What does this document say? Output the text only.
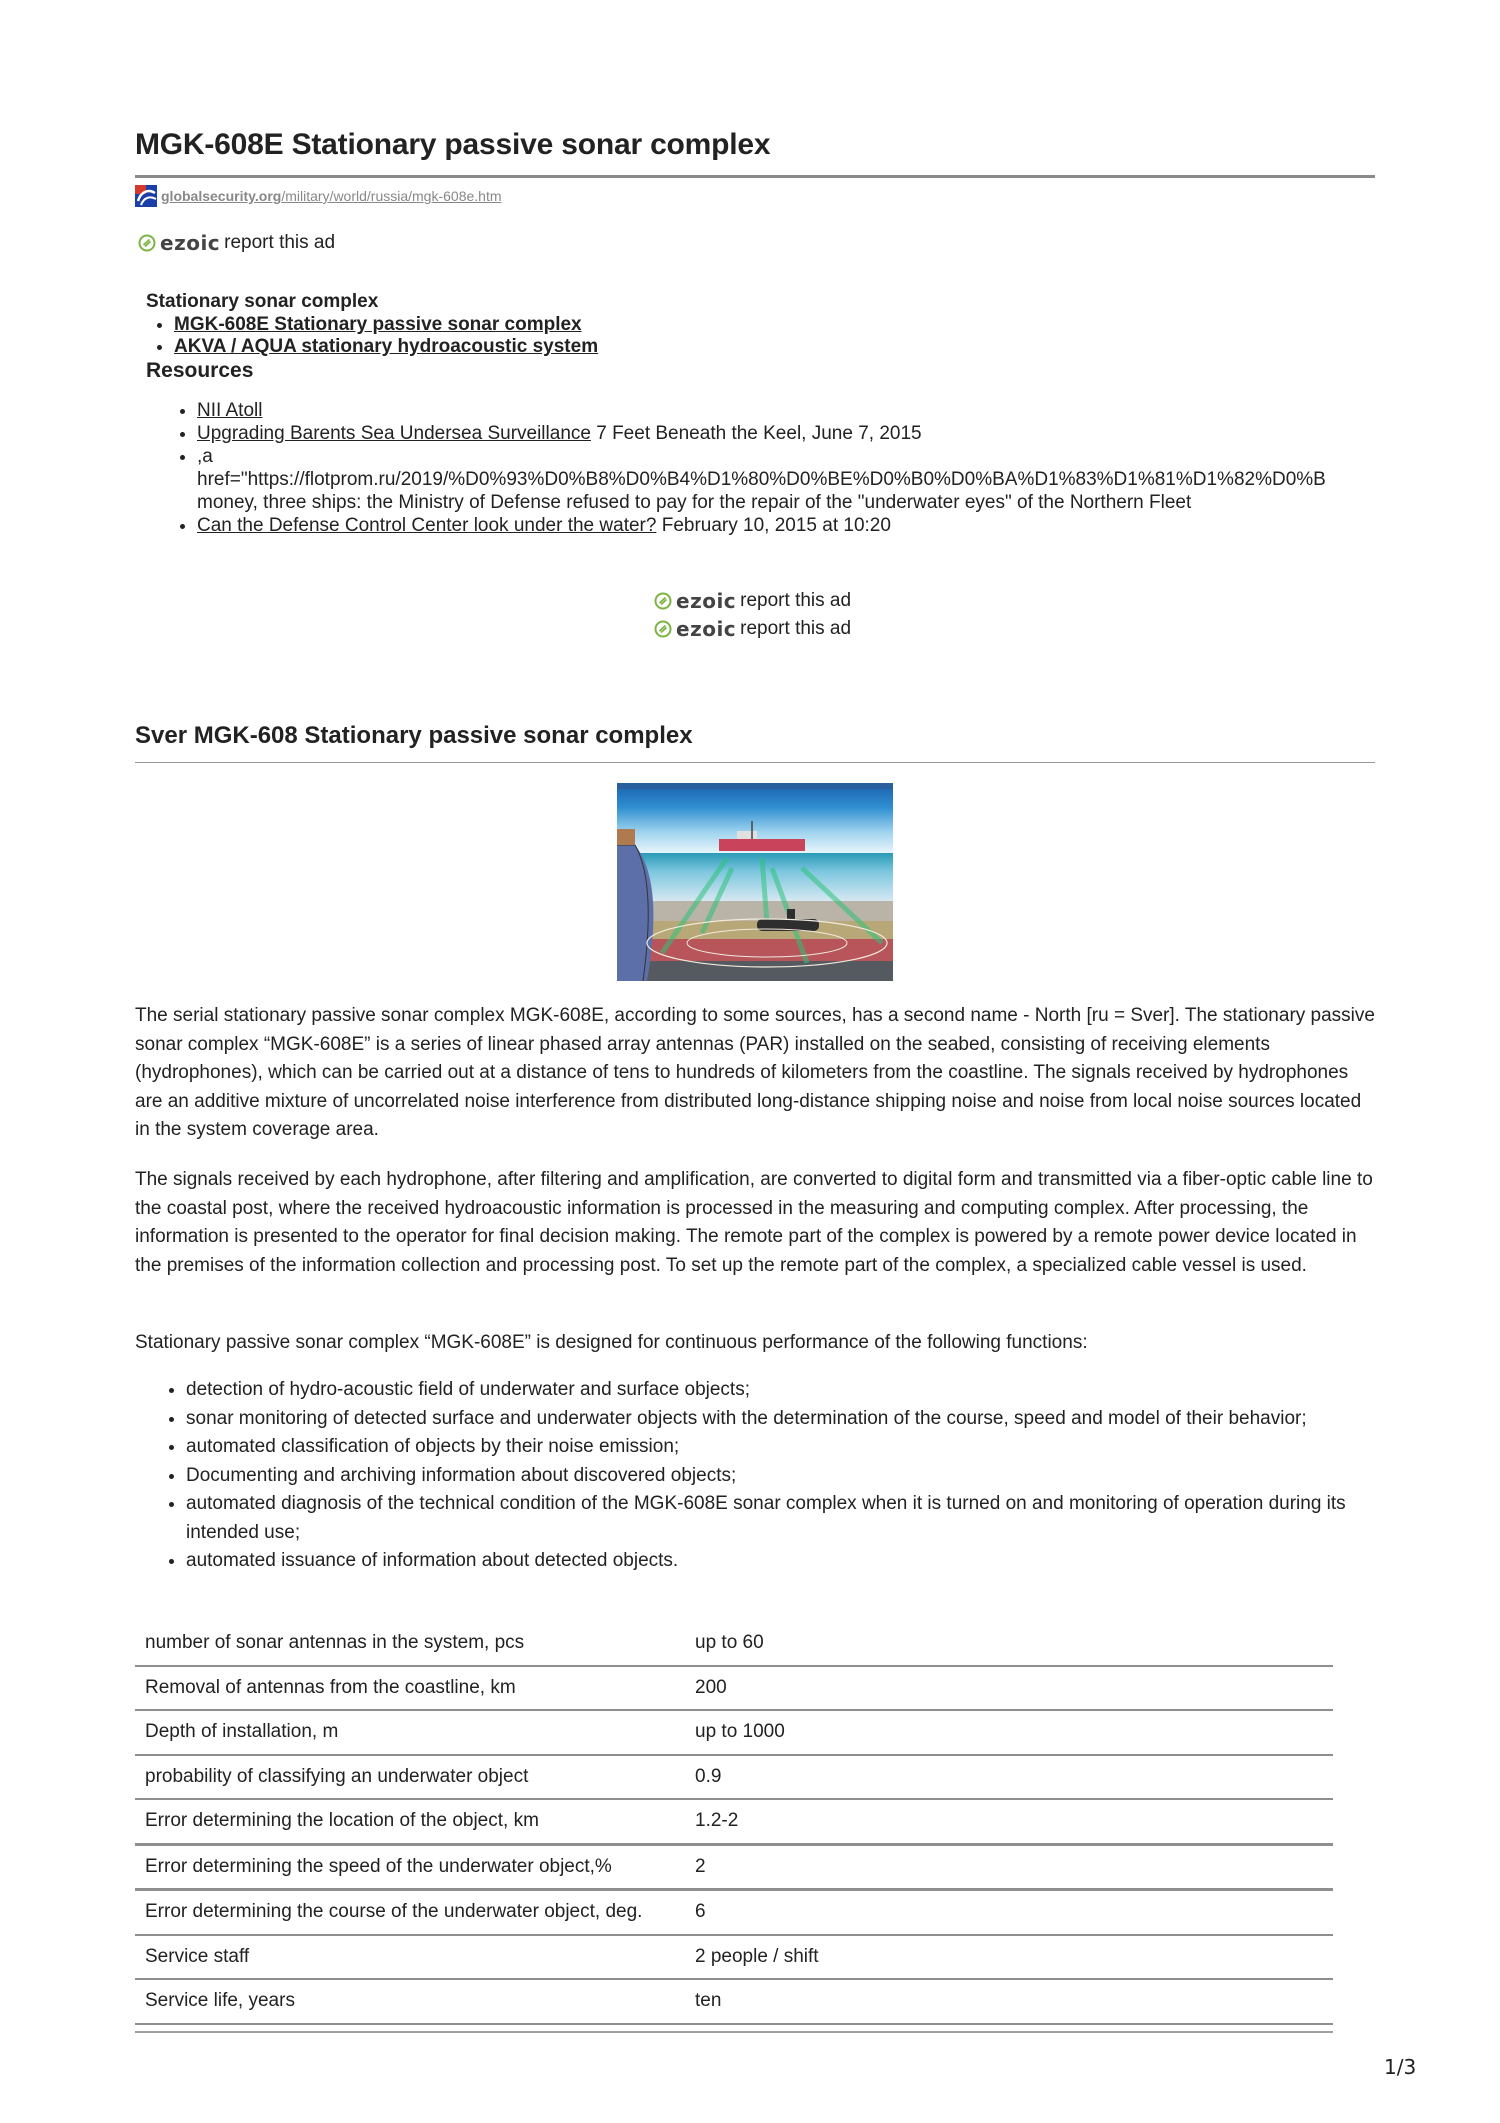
MGK-608E Stationary passive sonar complex
globalsecurity.org/military/world/russia/mgk-608e.htm
ezoic report this ad

Stationary sonar complex

• MGK-608E Stationary passive sonar complex
• AKVA / AQUA stationary hydroacoustic system

Resources

• NII Atoll
• Upgrading Barents Sea Undersea Surveillance 7 Feet Beneath the Keel, June 7, 2015
• ,a
href="https://flotprom.ru/2019/%D0%93%D0%B8%D0%B4%D1%80%D0%BE%D0%B0%D0%BA%D1%83%D1%81%D1%82%D0%B
money, three ships: the Ministry of Defense refused to pay for the repair of the "underwater eyes" of the Northern Fleet
• Can the Defense Control Center look under the water? February 10, 2015 at 10:20
ezoic report this ad
ezoic report this ad
Sver MGK-608 Stationary passive sonar complex

The serial stationary passive sonar complex MGK-608E, according to some sources, has a second name - North [ru = Sver]. The stationary passive sonar complex “MGK-608E” is a series of linear phased array antennas (PAR) installed on the seabed, consisting of receiving elements (hydrophones), which can be carried out at a distance of tens to hundreds of kilometers from the coastline. The signals received by hydrophones are an additive mixture of uncorrelated noise interference from distributed long-distance shipping noise and noise from local noise sources located in the system coverage area.

The signals received by each hydrophone, after filtering and amplification, are converted to digital form and transmitted via a fiber-optic cable line to the coastal post, where the received hydroacoustic information is processed in the measuring and computing complex. After processing, the information is presented to the operator for final decision making. The remote part of the complex is powered by a remote power device located in the premises of the information collection and processing post. To set up the remote part of the complex, a specialized cable vessel is used.

Stationary passive sonar complex “MGK-608E” is designed for continuous performance of the following functions:

• detection of hydro-acoustic field of underwater and surface objects;
• sonar monitoring of detected surface and underwater objects with the determination of the course, speed and model of their behavior;
• automated classification of objects by their noise emission;
• Documenting and archiving information about discovered objects;
• automated diagnosis of the technical condition of the MGK-608E sonar complex when it is turned on and monitoring of operation during its intended use;
• automated issuance of information about detected objects.
number of sonar antennas in the system, pcs	up to 60
Removal of antennas from the coastline, km	200
Depth of installation, m	up to 1000
probability of classifying an underwater object	0.9
Error determining the location of the object, km	1.2-2
Error determining the speed of the underwater object,%	2
Error determining the course of the underwater object, deg.	6
Service staff	2 people / shift
Service life, years	ten
1/3
